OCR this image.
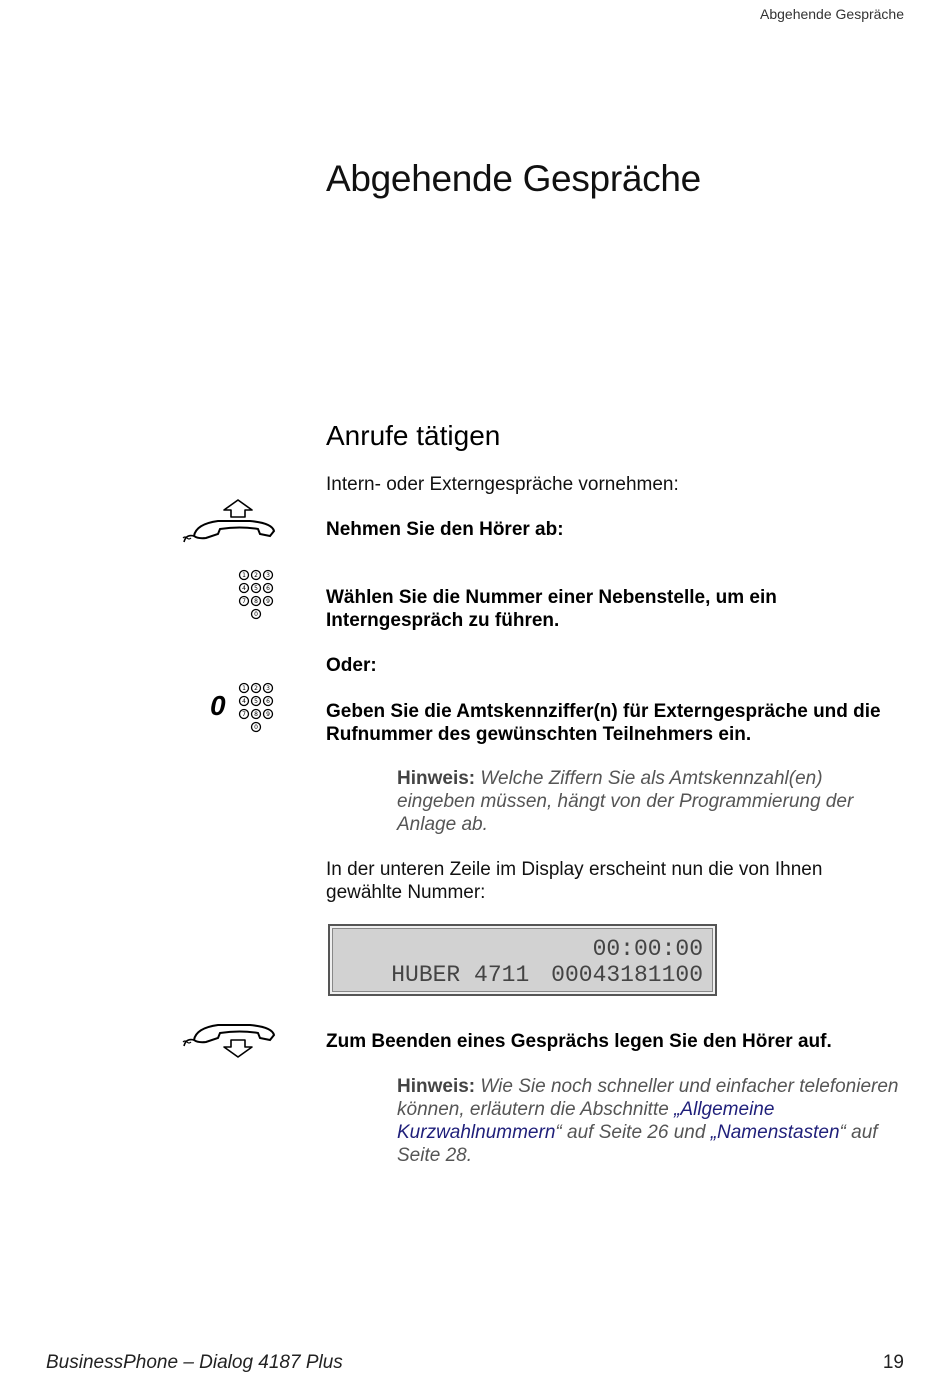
Abgehende Gespräche
Abgehende Gespräche
Anrufe tätigen
Intern- oder Externgespräche vornehmen:
Nehmen Sie den Hörer ab:
1 2 3
4 5 6
7 8 9
0
Wählen Sie die Nummer einer Nebenstelle, um ein
Interngespräch zu führen.
Oder:
0
1 2 3
4 5 6
7 8 9
0
Geben Sie die Amtskennziffer(n) für Externgespräche und die
Rufnummer des gewünschten Teilnehmers ein.
Hinweis: Welche Ziffern Sie als Amtskennzahl(en)
eingeben müssen, hängt von der Programmierung der
Anlage ab.
In der unteren Zeile im Display erscheint nun die von Ihnen
gewählte Nummer:

HUBER 4711

00:00:00

00043181100

Zum Beenden eines Gesprächs legen Sie den Hörer auf.
Hinweis: Wie Sie noch schneller und einfacher telefonieren
können, erläutern die Abschnitte „Allgemeine
Kurzwahlnummern“ auf Seite 26 und „Namenstasten“ auf
Seite 28.
BusinessPhone – Dialog 4187 Plus	19
